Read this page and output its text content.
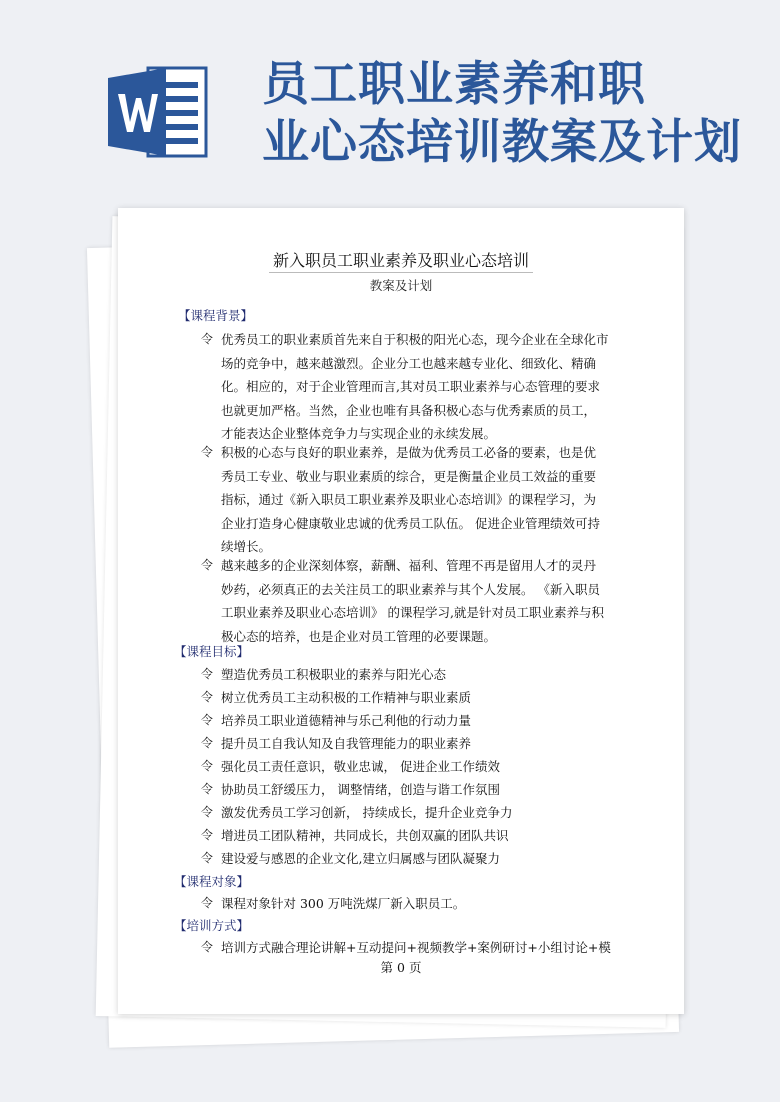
员工职业素养和职
业心态培训教案及计划
新入职员工职业素养及职业心态培训
教案及计划
【课程背景】
令 优秀员工的职业素质首先来自于积极的阳光心态，现今企业在全球化市
场的竞争中，越来越激烈。企业分工也越来越专业化、细致化、精确
化。相应的，对于企业管理而言,其对员工职业素养与心态管理的要求
也就更加严格。当然，企业也唯有具备积极心态与优秀素质的员工，
才能表达企业整体竞争力与实现企业的永续发展。
令 积极的心态与良好的职业素养，是做为优秀员工必备的要素，也是优
秀员工专业、敬业与职业素质的综合，更是衡量企业员工效益的重要
指标，通过《新入职员工职业素养及职业心态培训》的课程学习，为
企业打造身心健康敬业忠诚的优秀员工队伍。 促进企业管理绩效可持
续增长。
令 越来越多的企业深刻体察，薪酬、福利、管理不再是留用人才的灵丹
妙药，必须真正的去关注员工的职业素养与其个人发展。 《新入职员
工职业素养及职业心态培训》 的课程学习,就是针对员工职业素养与积
极心态的培养，也是企业对员工管理的必要课题。
【课程目标】
令 塑造优秀员工积极职业的素养与阳光心态
令 树立优秀员工主动积极的工作精神与职业素质
令 培养员工职业道德精神与乐己利他的行动力量
令 提升员工自我认知及自我管理能力的职业素养
令 强化员工责任意识，敬业忠诚， 促进企业工作绩效
令 协助员工舒缓压力， 调整情绪，创造与谐工作氛围
令 激发优秀员工学习创新， 持续成长，提升企业竞争力
令 增进员工团队精神，共同成长，共创双赢的团队共识
令 建设爱与感恩的企业文化,建立归属感与团队凝聚力
【课程对象】
令 课程对象针对 300 万吨洗煤厂新入职员工。
【培训方式】
令 培训方式融合理论讲解+互动提问+视频教学+案例研讨+小组讨论+模
第 0 页
